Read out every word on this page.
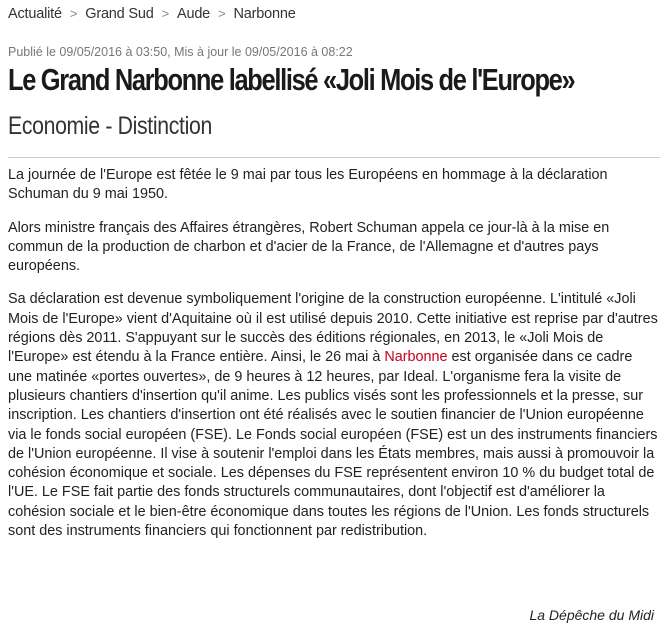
Actualité > Grand Sud > Aude > Narbonne
Publié le 09/05/2016 à 03:50, Mis à jour le 09/05/2016 à 08:22
Le Grand Narbonne labellisé «Joli Mois de l'Europe»
Economie - Distinction

La journée de l'Europe est fêtée le 9 mai par tous les Européens en hommage à la déclaration Schuman du 9 mai 1950.

Alors ministre français des Affaires étrangères, Robert Schuman appela ce jour-là à la mise en commun de la production de charbon et d'acier de la France, de l'Allemagne et d'autres pays européens.

Sa déclaration est devenue symboliquement l'origine de la construction européenne. L'intitulé «Joli Mois de l'Europe» vient d'Aquitaine où il est utilisé depuis 2010. Cette initiative est reprise par d'autres régions dès 2011. S'appuyant sur le succès des éditions régionales, en 2013, le «Joli Mois de l'Europe» est étendu à la France entière. Ainsi, le 26 mai à Narbonne est organisée dans ce cadre une matinée «portes ouvertes», de 9 heures à 12 heures, par Ideal. L'organisme fera la visite de plusieurs chantiers d'insertion qu'il anime. Les publics visés sont les professionnels et la presse, sur inscription. Les chantiers d'insertion ont été réalisés avec le soutien financier de l'Union européenne via le fonds social européen (FSE). Le Fonds social européen (FSE) est un des instruments financiers de l'Union européenne. Il vise à soutenir l'emploi dans les États membres, mais aussi à promouvoir la cohésion économique et sociale. Les dépenses du FSE représentent environ 10 % du budget total de l'UE. Le FSE fait partie des fonds structurels communautaires, dont l'objectif est d'améliorer la cohésion sociale et le bien-être économique dans toutes les régions de l'Union. Les fonds structurels sont des instruments financiers qui fonctionnent par redistribution.

La Dépêche du Midi
